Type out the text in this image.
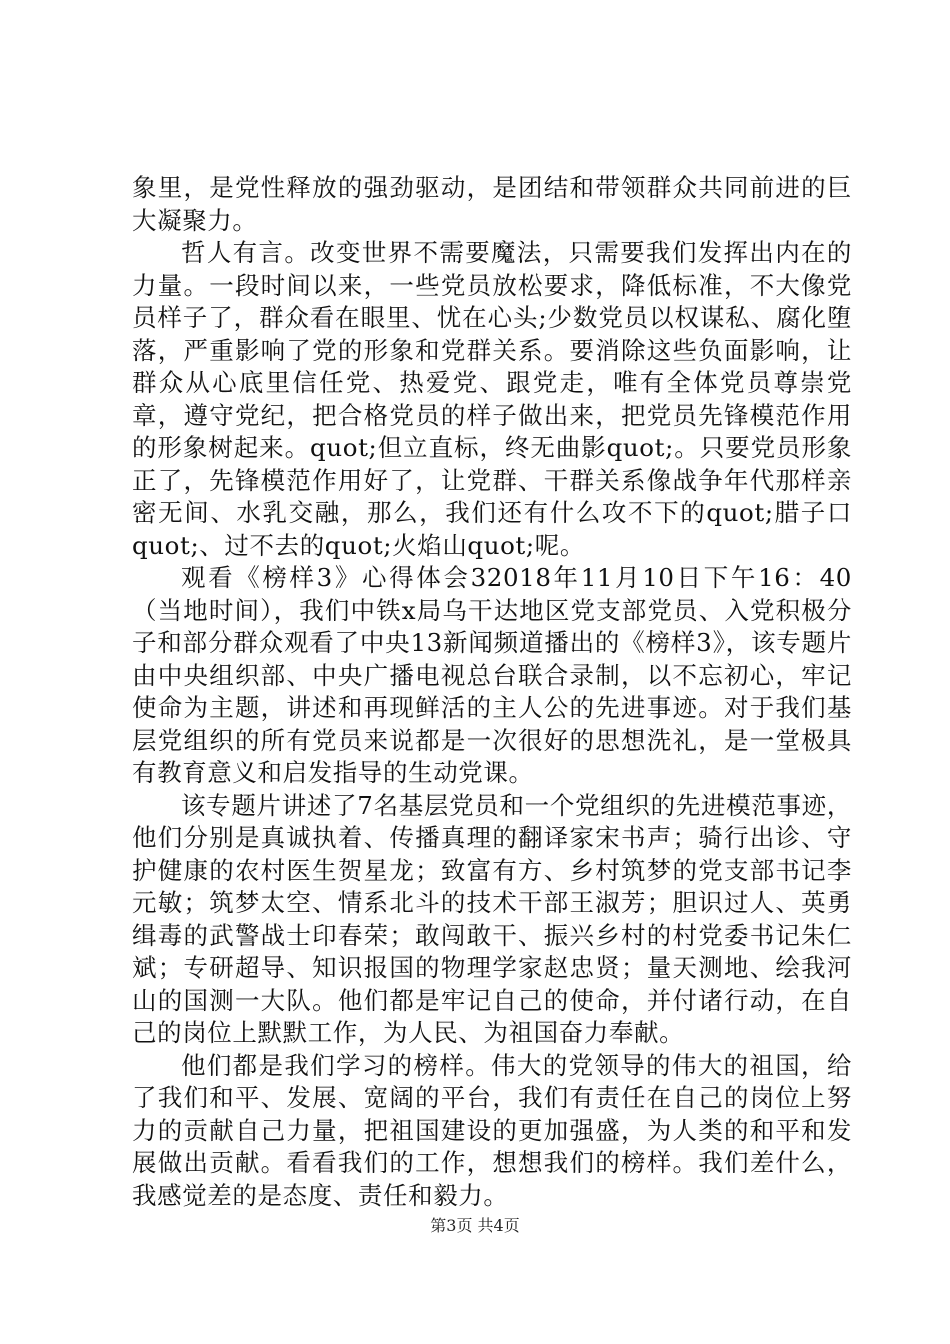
象里，是党性释放的强劲驱动，是团结和带领群众共同前进的巨大凝聚力。

哲人有言。改变世界不需要魔法，只需要我们发挥出内在的力量。一段时间以来，一些党员放松要求，降低标准，不大像党员样子了，群众看在眼里、忧在心头;少数党员以权谋私、腐化堕落，严重影响了党的形象和党群关系。要消除这些负面影响，让群众从心底里信任党、热爱党、跟党走，唯有全体党员尊崇党章，遵守党纪，把合格党员的样子做出来，把党员先锋模范作用的形象树起来。quot;但立直标，终无曲影quot;。只要党员形象正了，先锋模范作用好了，让党群、干群关系像战争年代那样亲密无间、水乳交融，那么，我们还有什么攻不下的quot;腊子口quot;、过不去的quot;火焰山quot;呢。

观看《榜样3》心得体会32018年11月10日下午16：40（当地时间），我们中铁x局乌干达地区党支部党员、入党积极分子和部分群众观看了中央13新闻频道播出的《榜样3》，该专题片由中央组织部、中央广播电视总台联合录制，以不忘初心，牢记使命为主题，讲述和再现鲜活的主人公的先进事迹。对于我们基层党组织的所有党员来说都是一次很好的思想洗礼，是一堂极具有教育意义和启发指导的生动党课。

该专题片讲述了7名基层党员和一个党组织的先进模范事迹，他们分别是真诚执着、传播真理的翻译家宋书声；骑行出诊、守护健康的农村医生贺星龙；致富有方、乡村筑梦的党支部书记李元敏；筑梦太空、情系北斗的技术干部王淑芳；胆识过人、英勇缉毒的武警战士印春荣；敢闯敢干、振兴乡村的村党委书记朱仁斌；专研超导、知识报国的物理学家赵忠贤；量天测地、绘我河山的国测一大队。他们都是牢记自己的使命，并付诸行动，在自己的岗位上默默工作，为人民、为祖国奋力奉献。

他们都是我们学习的榜样。伟大的党领导的伟大的祖国，给了我们和平、发展、宽阔的平台，我们有责任在自己的岗位上努力的贡献自己力量，把祖国建设的更加强盛，为人类的和平和发展做出贡献。看看我们的工作，想想我们的榜样。我们差什么，我感觉差的是态度、责任和毅力。

第3页 共4页
